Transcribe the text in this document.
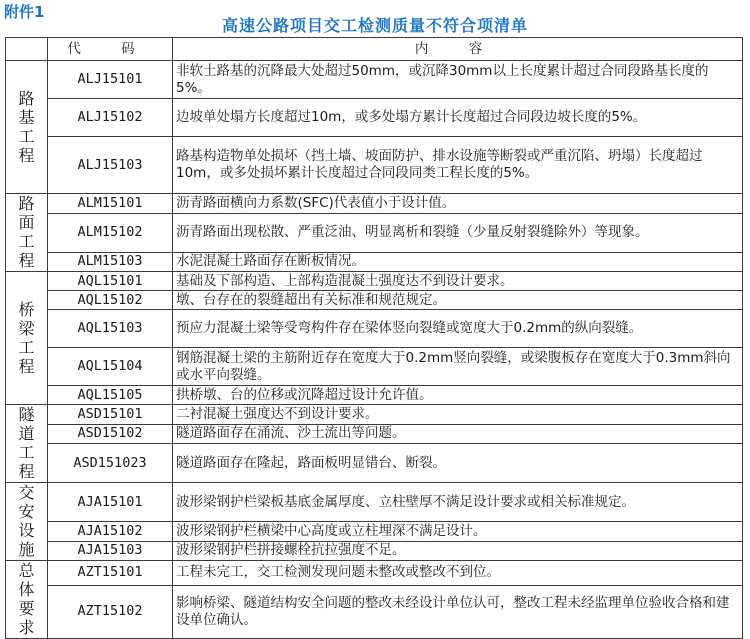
附件1
高速公路项目交工检测质量不符合项清单
	代 码	内 容
路基工程	ALJ15101	非软土路基的沉降最大处超过50mm，或沉降30mm以上长度累计超过合同段路基长度的5%。
	ALJ15102	边坡单处塌方长度超过10m，或多处塌方累计长度超过合同段边坡长度的5%。
	ALJ15103	路基构造物单处损坏（挡土墙、坡面防护、排水设施等断裂或严重沉陷、坍塌）长度超过10m，或多处损坏累计长度超过合同段同类工程长度的5%。
路面工程	ALM15101	沥青路面横向力系数(SFC)代表值小于设计值。
	ALM15102	沥青路面出现松散、严重泛油、明显离析和裂缝（少量反射裂缝除外）等现象。
	ALM15103	水泥混凝土路面存在断板情况。
桥梁工程	AQL15101	基础及下部构造、上部构造混凝土强度达不到设计要求。
	AQL15102	墩、台存在的裂缝超出有关标准和规范规定。
	AQL15103	预应力混凝土梁等受弯构件存在梁体竖向裂缝或宽度大于0.2mm的纵向裂缝。
	AQL15104	钢筋混凝土梁的主筋附近存在宽度大于0.2mm竖向裂缝，或梁腹板存在宽度大于0.3mm斜向或水平向裂缝。
	AQL15105	拱桥墩、台的位移或沉降超过设计允许值。
隧道工程	ASD15101	二衬混凝土强度达不到设计要求。
	ASD15102	隧道路面存在涌流、沙土流出等问题。
	ASD151023	隧道路面存在隆起，路面板明显错台、断裂。
交安设施	AJA15101	波形梁钢护栏梁板基底金属厚度、立柱壁厚不满足设计要求或相关标准规定。
	AJA15102	波形梁钢护栏横梁中心高度或立柱埋深不满足设计。
	AJA15103	波形梁钢护栏拼接螺栓抗拉强度不足。
总体要求	AZT15101	工程未完工，交工检测发现问题未整改或整改不到位。
	AZT15102	影响桥梁、隧道结构安全问题的整改未经设计单位认可，整改工程未经监理单位验收合格和建设单位确认。
